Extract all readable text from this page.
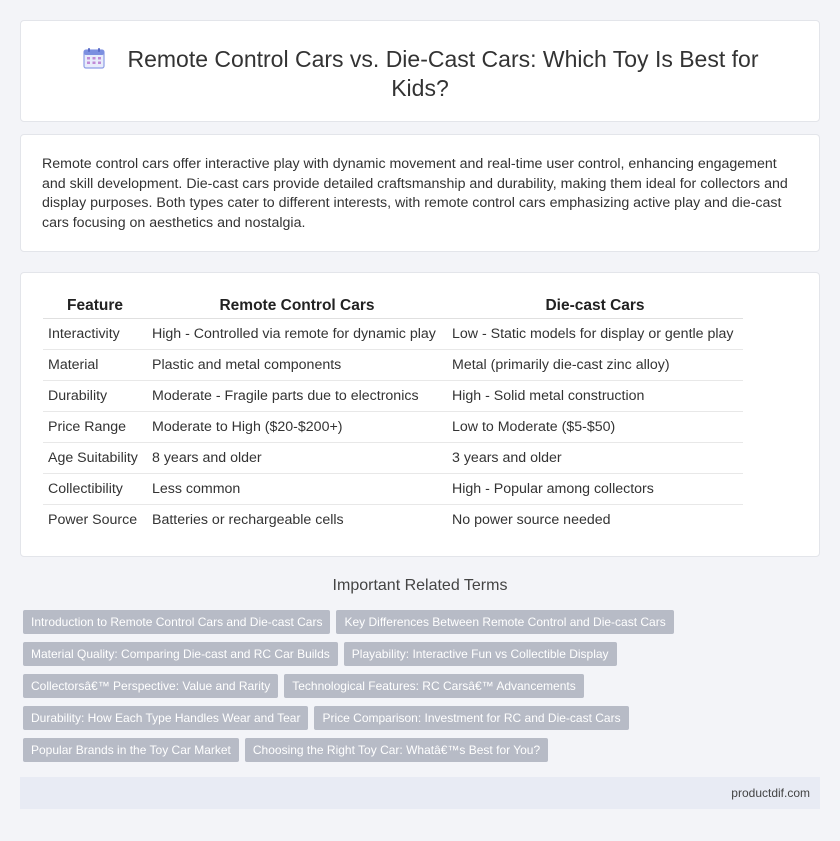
Remote Control Cars vs. Die-Cast Cars: Which Toy Is Best for Kids?

Remote control cars offer interactive play with dynamic movement and real-time user control, enhancing engagement and skill development. Die-cast cars provide detailed craftsmanship and durability, making them ideal for collectors and display purposes. Both types cater to different interests, with remote control cars emphasizing active play and die-cast cars focusing on aesthetics and nostalgia.

Feature	Remote Control Cars	Die-cast Cars
Interactivity	High - Controlled via remote for dynamic play	Low - Static models for display or gentle play
Material	Plastic and metal components	Metal (primarily die-cast zinc alloy)
Durability	Moderate - Fragile parts due to electronics	High - Solid metal construction
Price Range	Moderate to High ($20-$200+)	Low to Moderate ($5-$50)
Age Suitability	8 years and older	3 years and older
Collectibility	Less common	High - Popular among collectors
Power Source	Batteries or rechargeable cells	No power source needed
Important Related Terms
Introduction to Remote Control Cars and Die-cast Cars Key Differences Between Remote Control and Die-cast Cars
Material Quality: Comparing Die-cast and RC Car Builds Playability: Interactive Fun vs Collectible Display
Collectorsâ€™ Perspective: Value and Rarity Technological Features: RC Carsâ€™ Advancements
Durability: How Each Type Handles Wear and Tear Price Comparison: Investment for RC and Die-cast Cars
Popular Brands in the Toy Car Market Choosing the Right Toy Car: Whatâ€™s Best for You?
productdif.com
